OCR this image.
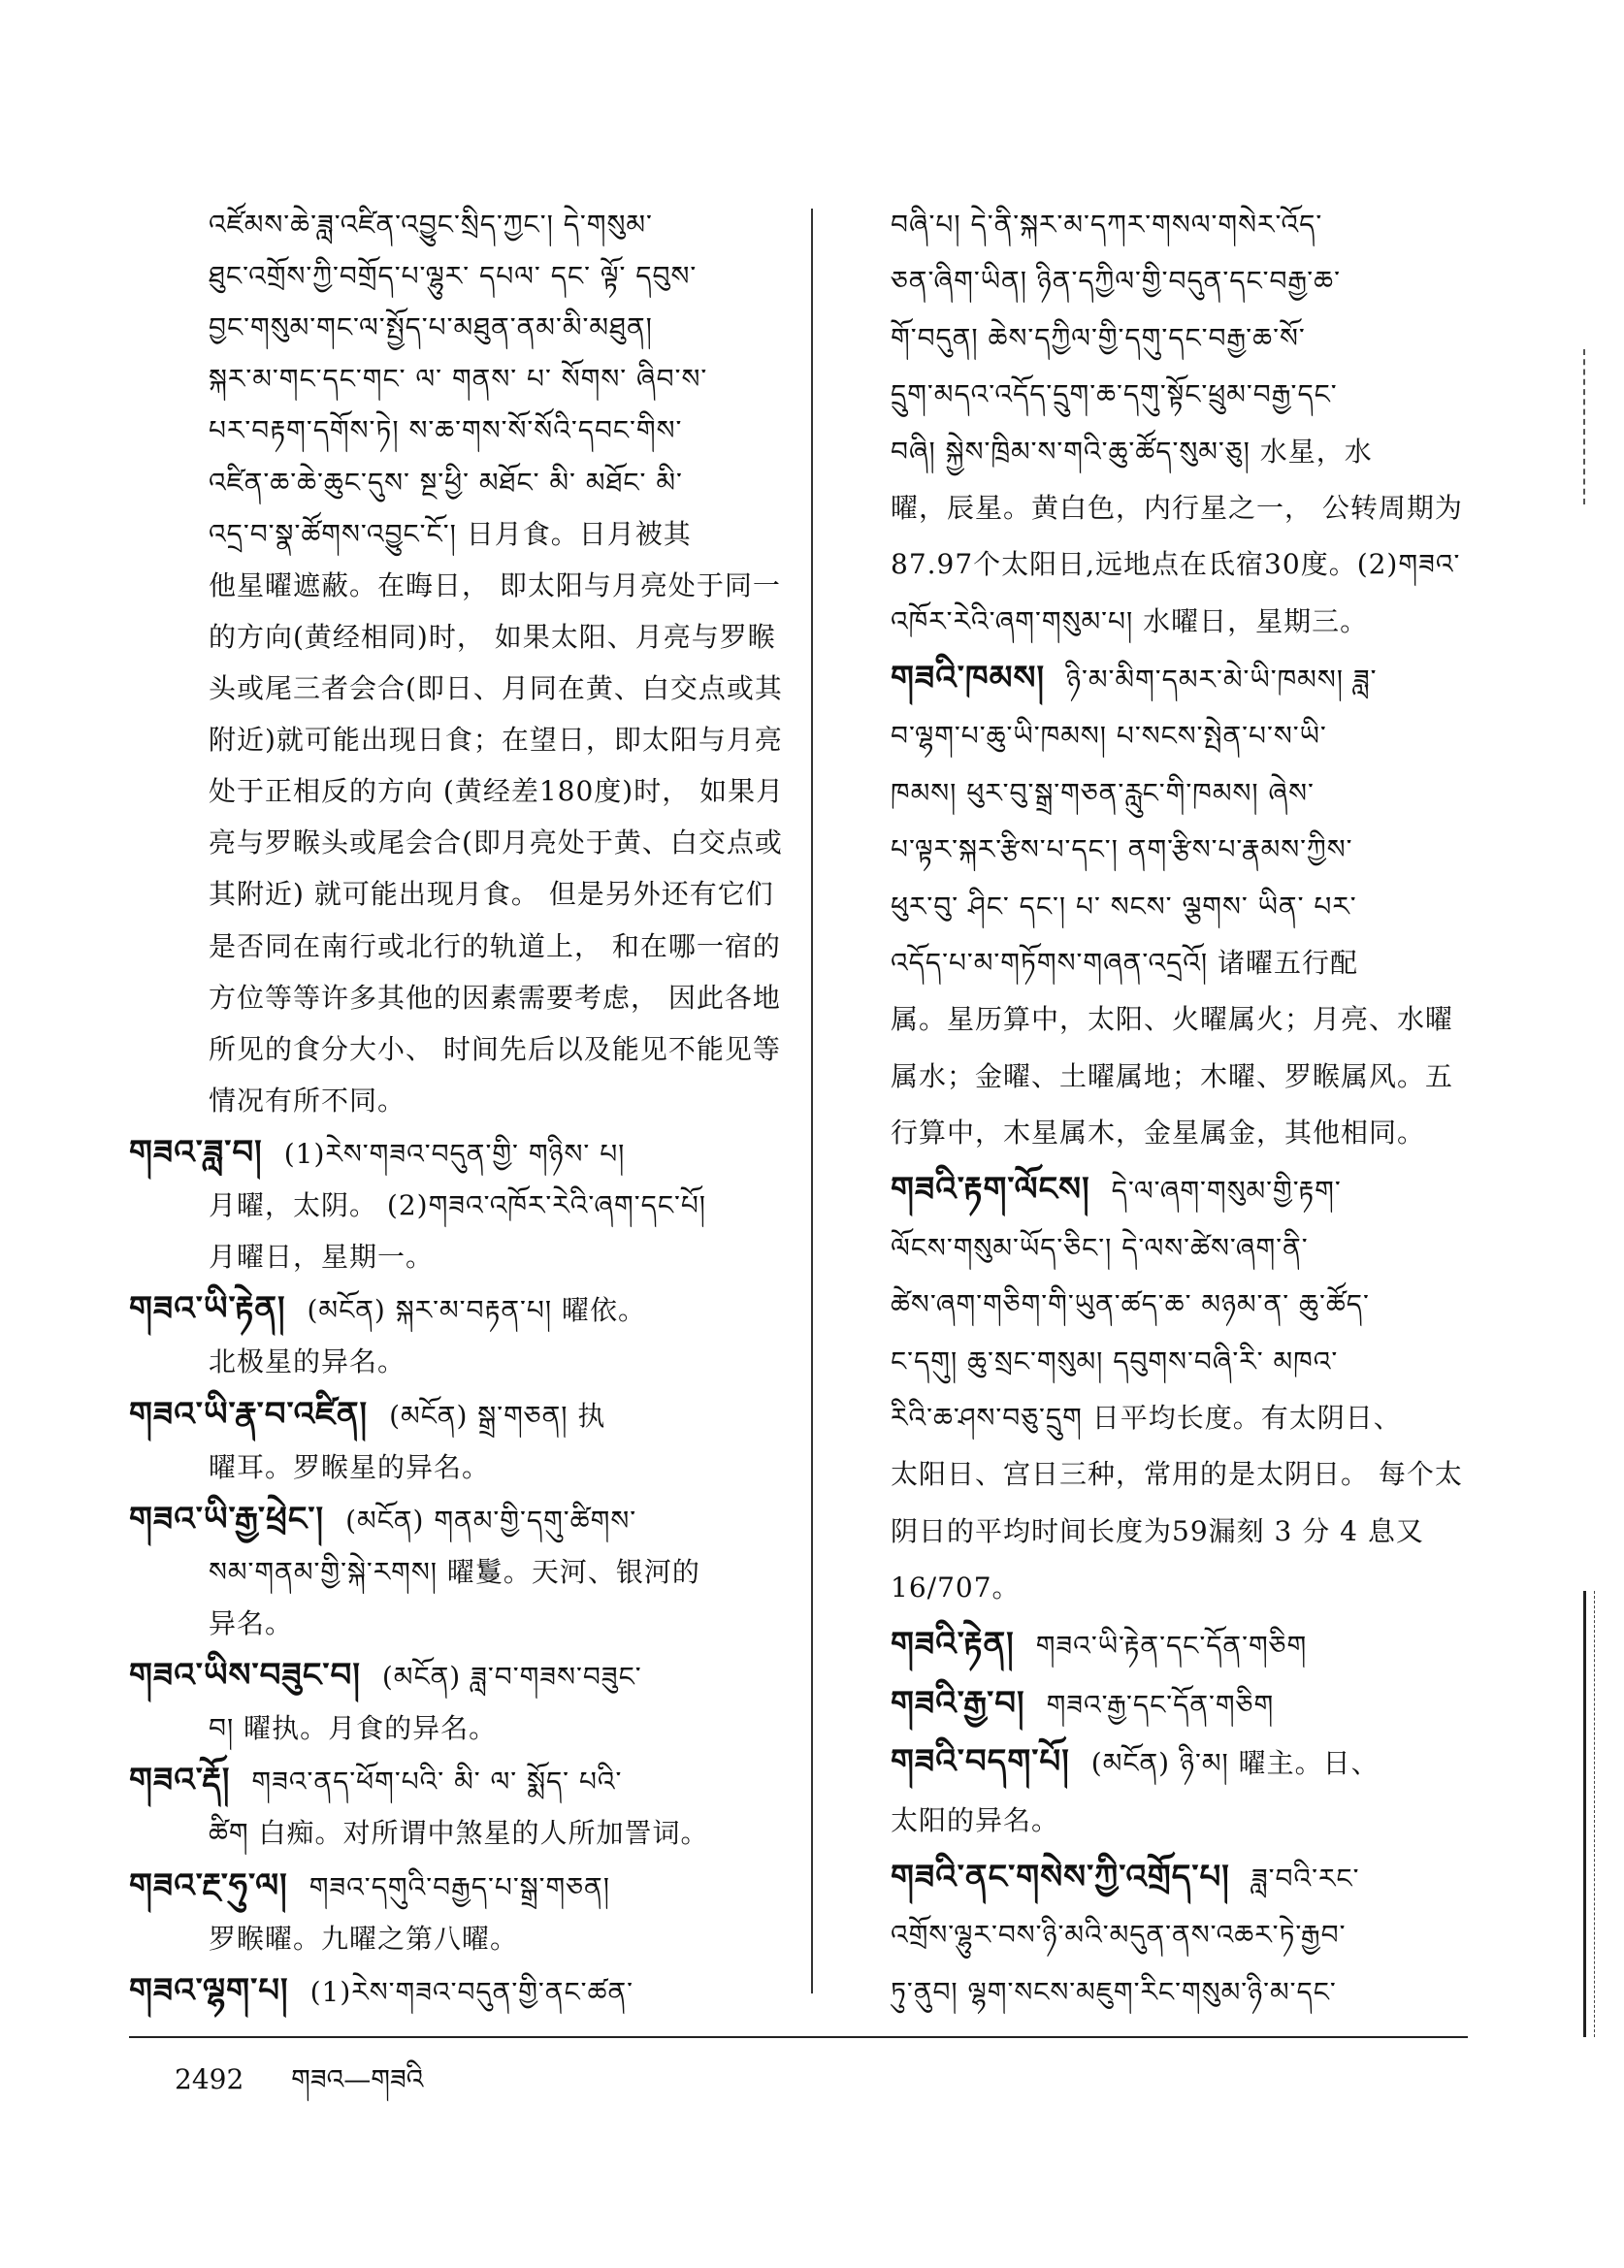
འཛོམས་ཆེ་ཟླ་འཛིན་འབྱུང་སྲིད་ཀྱང་། དེ་གསུམ་
ཐུང་འགྲོས་ཀྱི་བགྲོད་པ་ལྷུར་ དཔལ་ དང་ ལྟོ་ དབུས་
བྱང་གསུམ་གང་ལ་སྤྱོད་པ་མཐུན་ནམ་མི་མཐུན།
སྐར་མ་གང་དང་གང་ ལ་ གནས་ པ་ སོགས་ ཞིབ་ས་
པར་བརྟག་དགོས་ཏེ། ས་ཆ་གས་སོ་སོའི་དབང་གིས་
འཛིན་ཆ་ཆེ་ཆུང་དུས་ སྔ་ཕྱི་ མཐོང་ མི་ མཐོང་ མི་
འདྲ་བ་སྣ་ཚོགས་འབྱུང་ངོ་། 日月食。日月被其
他星曜遮蔽。在晦日， 即太阳与月亮处于同一
的方向(黄经相同)时， 如果太阳、月亮与罗睺
头或尾三者会合(即日、月同在黄、白交点或其
附近)就可能出现日食；在望日，即太阳与月亮
处于正相反的方向 (黄经差180度)时， 如果月
亮与罗睺头或尾会合(即月亮处于黄、白交点或
其附近) 就可能出现月食。 但是另外还有它们
是否同在南行或北行的轨道上， 和在哪一宿的
方位等等许多其他的因素需要考虑， 因此各地
所见的食分大小、 时间先后以及能见不能见等
情况有所不同。
གཟའ་ཟླ་བ། (1)རེས་གཟའ་བདུན་གྱི་ གཉིས་ པ།
月曜，太阴。 (2)གཟའ་འཁོར་རེའི་ཞག་དང་པོ།
月曜日，星期一。
གཟའ་ཡི་རྟེན། (མངོན) སྐར་མ་བརྟན་པ། 曜依。
北极星的异名。
གཟའ་ཡི་རྣ་བ་འཛིན། (མངོན) སྒྲ་གཅན། 执
曜耳。罗睺星的异名。
གཟའ་ཡི་རྒྱ་ཕྲེང་། (མངོན) གནམ་གྱི་དགུ་ཚིགས་
སམ་གནམ་གྱི་སྐེ་རགས། 曜鬘。天河、银河的
异名。
གཟའ་ཡིས་བཟུང་བ། (མངོན) ཟླ་བ་གཟས་བཟུང་
བ། 曜执。月食的异名。
གཟའ་རྡོ། གཟའ་ནད་ཕོག་པའི་ མི་ ལ་ སྨོད་ པའི་
ཚིག 白痴。对所谓中煞星的人所加詈词。
གཟའ་རྔ་ཧུ་ལ། གཟའ་དགུའི་བརྒྱད་པ་སྒྲ་གཅན།
罗睺曜。九曜之第八曜。
གཟའ་ལྷག་པ། (1)རེས་གཟའ་བདུན་གྱི་ནང་ཚན་
བཞི་པ། དེ་ནི་སྐར་མ་དཀར་གསལ་གསེར་འོད་
ཅན་ཞིག་ཡིན། ཉིན་དཀྱིལ་གྱི་བདུན་དང་བརྒྱ་ཆ་
གོ་བདུན། ཆེས་དཀྱིལ་གྱི་དགུ་དང་བརྒྱ་ཆ་སོ་
དྲུག་མདའ་འདོད་དྲུག་ཆ་དགུ་སྟོང་ཕྲུམ་བརྒྱ་དང་
བཞི། སྐྱེས་ཁྲིམ་ས་གའི་ཆུ་ཚོད་སུམ་ཅུ། 水星，水
曜，辰星。黄白色，内行星之一， 公转周期为
87.97个太阳日,远地点在氐宿30度。(2)གཟའ་
འཁོར་རེའི་ཞག་གསུམ་པ། 水曜日，星期三。
གཟའི་ཁམས། ཉི་མ་མིག་དམར་མེ་ཡི་ཁམས། ཟླ་
བ་ལྷག་པ་ཆུ་ཡི་ཁམས། པ་སངས་སྤེན་པ་ས་ཡི་
ཁམས། ཕུར་བུ་སྒྲ་གཅན་རླུང་གི་ཁམས། ཞེས་
པ་ལྟར་སྐར་རྩིས་པ་དང་། ནག་རྩིས་པ་རྣམས་ཀྱིས་
ཕུར་བུ་ ཤིང་ དང་། པ་ སངས་ ལྕགས་ ཡིན་ པར་
འདོད་པ་མ་གཏོགས་གཞན་འདྲའོ། 诸曜五行配
属。星历算中，太阳、火曜属火；月亮、水曜
属水；金曜、土曜属地；木曜、罗睺属风。五
行算中，木星属木，金星属金，其他相同。
གཟའི་རྟག་ལོངས། དེ་ལ་ཞག་གསུམ་གྱི་རྟག་
ལོངས་གསུམ་ཡོད་ཅིང་། དེ་ལས་ཚེས་ཞག་ནི་
ཚེས་ཞག་གཅིག་གི་ཡུན་ཚད་ཆ་ མཉམ་ན་ ཆུ་ཚོད་
ང་དགུ། ཆུ་སྲང་གསུམ། དབུགས་བཞི་རི་ མཁའ་
རིའི་ཆ་ཤས་བཅུ་དྲུག 日平均长度。有太阴日、
太阳日、宫日三种，常用的是太阴日。 每个太
阴日的平均时间长度为59漏刻 3 分 4 息又
16/707。
གཟའི་རྟེན། གཟའ་ཡི་རྟེན་དང་དོན་གཅིག
གཟའི་རྒྱ་བ། གཟའ་རྒྱ་དང་དོན་གཅིག
གཟའི་བདག་པོ། (མངོན) ཉི་མ། 曜主。日、
太阳的异名。
གཟའི་ནང་གསེས་ཀྱི་འགྲོད་པ། ཟླ་བའི་རང་
འགྲོས་ལྷུར་བས་ཉི་མའི་མདུན་ནས་འཆར་ཏེ་རྒྱབ་
ཏུ་ནུབ། ལྷག་སངས་མཇུག་རིང་གསུམ་ཉི་མ་དང་
2492 གཟའ—གཟའི
